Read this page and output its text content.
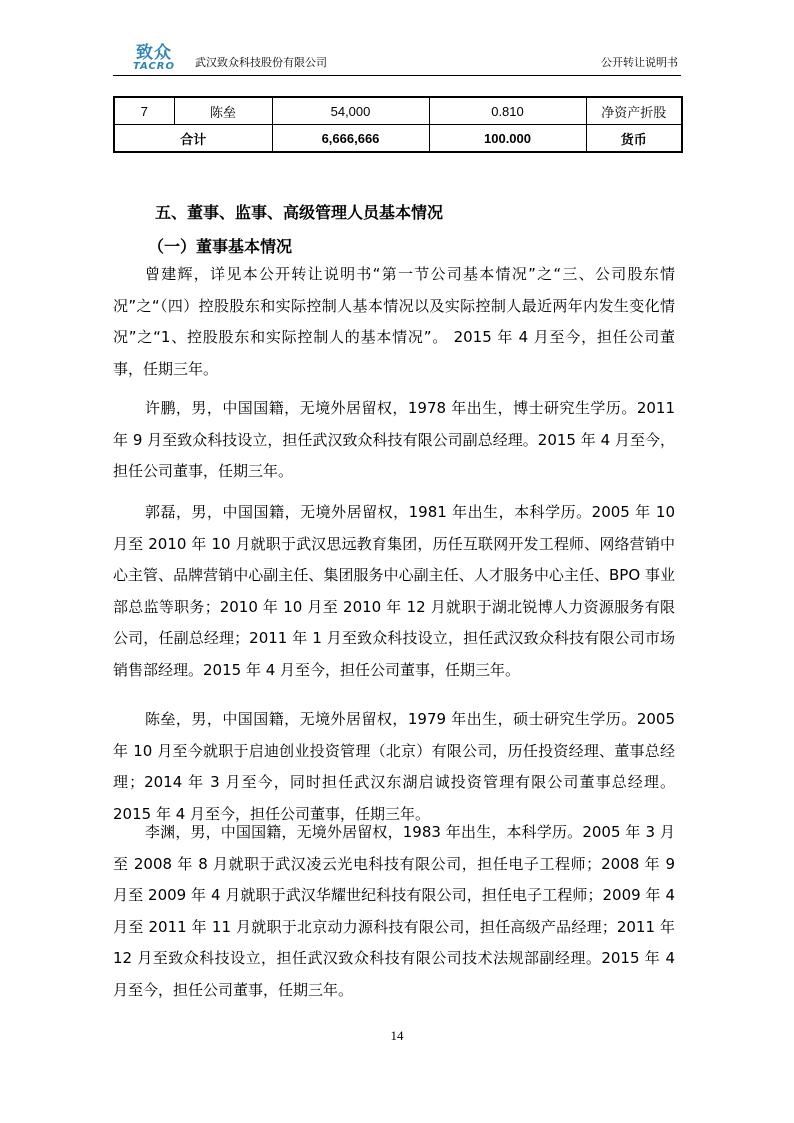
致众
TACRO	武汉致众科技股份有限公司	公开转让说明书
7	陈垒	54,000	0.810	净资产折股
合计		6,666,666	100.000	货币
五、董事、监事、高级管理人员基本情况
（一）董事基本情况

曾建辉，详见本公开转让说明书“第一节公司基本情况”之“三、公司股东情况”之“（四）控股股东和实际控制人基本情况以及实际控制人最近两年内发生变化情况”之“1、控股股东和实际控制人的基本情况”。 2015 年 4 月至今，担任公司董事，任期三年。

许鹏，男，中国国籍，无境外居留权，1978 年出生，博士研究生学历。2011 年 9 月至致众科技设立，担任武汉致众科技有限公司副总经理。2015 年 4 月至今，担任公司董事，任期三年。

郭磊，男，中国国籍，无境外居留权，1981 年出生，本科学历。2005 年 10 月至 2010 年 10 月就职于武汉思远教育集团，历任互联网开发工程师、网络营销中心主管、品牌营销中心副主任、集团服务中心副主任、人才服务中心主任、BPO 事业部总监等职务；2010 年 10 月至 2010 年 12 月就职于湖北锐博人力资源服务有限公司，任副总经理；2011 年 1 月至致众科技设立，担任武汉致众科技有限公司市场销售部经理。2015 年 4 月至今，担任公司董事，任期三年。

陈垒，男，中国国籍，无境外居留权，1979 年出生，硕士研究生学历。2005 年 10 月至今就职于启迪创业投资管理（北京）有限公司，历任投资经理、董事总经理；2014 年 3 月至今，同时担任武汉东湖启诚投资管理有限公司董事总经理。2015 年 4 月至今，担任公司董事，任期三年。

李渊，男，中国国籍，无境外居留权，1983 年出生，本科学历。2005 年 3 月至 2008 年 8 月就职于武汉凌云光电科技有限公司，担任电子工程师；2008 年 9 月至 2009 年 4 月就职于武汉华耀世纪科技有限公司，担任电子工程师；2009 年 4 月至 2011 年 11 月就职于北京动力源科技有限公司，担任高级产品经理；2011 年 12 月至致众科技设立，担任武汉致众科技有限公司技术法规部副经理。2015 年 4 月至今，担任公司董事，任期三年。

14
